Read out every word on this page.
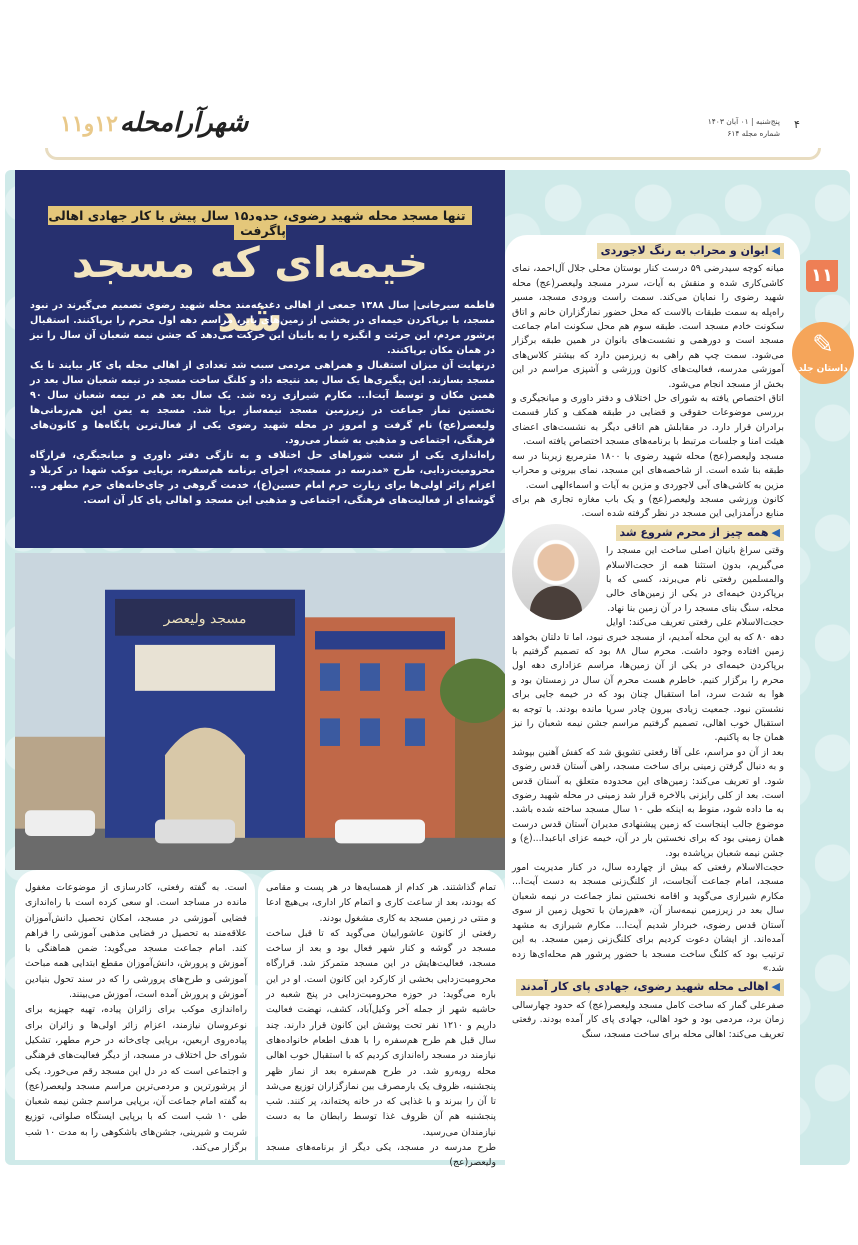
شهرآرامحله۱۲و۱۱	پنج‌شنبه | ۰۱ آبان ۱۴۰۳
شماره مجله ۶۱۴
۴
تنها مسجد محله شهید رضوی، حدود۱۵ سال پیش با کار جهادی اهالی پاگرفت
خیمه‌ای که مسجد شد

فاطمه سیرجانی| سال ۱۳۸۸ جمعی از اهالی دغدغه‌مند محله شهید رضوی تصمیم می‌گیرند در نبود مسجد، با برپاکردن خیمه‌ای در بخشی از زمین‌های بایر، مراسم دهه اول محرم را برپاکنند. استقبال پرشور مردم، این جرئت و انگیزه را به بانیان این حرکت می‌دهد که جشن نیمه شعبان آن سال را نیز در همان مکان برپاکنند.

درنهایت آن میزان استقبال و همراهی مردمی سبب شد تعدادی از اهالی محله پای کار بیایند تا یک مسجد بسازند. این پیگیری‌ها یک سال بعد نتیجه داد و کلنگ ساخت مسجد در نیمه شعبان سال بعد در همین مکان و توسط آیت‌ا... مکارم شیرازی زده شد. یک سال بعد هم در نیمه شعبان سال ۹۰ نخستین نماز جماعت در زیرزمین مسجد نیمه‌ساز برپا شد. مسجد به یمن این هم‌زمانی‌ها ولیعصر(عج) نام گرفت و امروز در محله شهید رضوی یکی از فعال‌ترین پایگاه‌ها و کانون‌های فرهنگی، اجتماعی و مذهبی به شمار می‌رود.

راه‌اندازی یکی از شعب شوراهای حل اختلاف و به تازگی دفتر داوری و میانجیگری، قرارگاه محرومیت‌زدایی، طرح «مدرسه در مسجد»، اجرای برنامه هم‌سفره، برپایی موکب شهدا در کربلا و اعزام زائر اولی‌ها برای زیارت حرم امام حسین(ع)، خدمت گروهی در چای‌خانه‌های حرم مطهر و... گوشه‌ای از فعالیت‌های فرهنگی، اجتماعی و مذهبی این مسجد و اهالی پای کار آن است.

◀ایوان و محراب به رنگ لاجوردی

میانه کوچه سیدرضی ۵۹ درست کنار بوستان محلی جلال آل‌احمد، نمای کاشی‌کاری شده و منقش به آیات، سردر مسجد ولیعصر(عج) محله شهید رضوی را نمایان می‌کند. سمت راست ورودی مسجد، مسیر راه‌پله به سمت طبقات بالاست که محل حضور نمازگزاران خانم و اتاق سکونت خادم مسجد است. طبقه سوم هم محل سکونت امام جماعت مسجد است و دورهمی و نشست‌های بانوان در همین طبقه برگزار می‌شود. سمت چپ هم راهی به زیرزمین دارد که بیشتر کلاس‌های آموزشی مدرسه، فعالیت‌های کانون ورزشی و آشپزی مراسم در این بخش از مسجد انجام می‌شود.

اتاق اختصاص یافته به شورای حل اختلاف و دفتر داوری و میانجیگری و بررسی موضوعات حقوقی و قضایی در طبقه همکف و کنار قسمت برادران قرار دارد. در مقابلش هم اتاقی دیگر به نشست‌های اعضای هیئت امنا و جلسات مرتبط با برنامه‌های مسجد اختصاص یافته است.

مسجد ولیعصر(عج) محله شهید رضوی با ۱۸۰۰ مترمربع زیربنا در سه طبقه بنا شده است. از شاخصه‌های این مسجد، نمای بیرونی و محراب مزین به کاشی‌های آبی لاجوردی و مزین به آیات و اسماءالهی است.

کانون ورزشی مسجد ولیعصر(عج) و یک باب مغازه تجاری هم برای منابع درآمدزایی این مسجد در نظر گرفته شده است.

◀همه چیز از محرم شروع شد

وقتی سراغ بانیان اصلی ساخت این مسجد را می‌گیریم، بدون استثنا همه از حجت‌الاسلام والمسلمین رفعتی نام می‌برند، کسی که با برپاکردن خیمه‌ای در یکی از زمین‌های خالی محله، سنگ بنای مسجد را در آن زمین بنا نهاد.

حجت‌الاسلام علی رفعتی تعریف می‌کند: اوایل دهه ۸۰ که به این محله آمدیم، از مسجد خبری نبود، اما تا دلتان بخواهد زمین افتاده وجود داشت. محرم سال ۸۸ بود که تصمیم گرفتیم با برپاکردن خیمه‌ای در یکی از آن زمین‌ها، مراسم عزاداری دهه اول محرم را برگزار کنیم. خاطرم هست محرم آن سال در زمستان بود و هوا به شدت سرد، اما استقبال چنان بود که در خیمه جایی برای نشستن نبود. جمعیت زیادی بیرون چادر سرپا مانده بودند. با توجه به استقبال خوب اهالی، تصمیم گرفتیم مراسم جشن نیمه شعبان را نیز همان جا به پاکنیم.

بعد از آن دو مراسم، علی آقا رفعتی تشویق شد که کفش آهنین بپوشد و به دنبال گرفتن زمینی برای ساخت مسجد، راهی آستان قدس رضوی شود. او تعریف می‌کند: زمین‌های این محدوده متعلق به آستان قدس است. بعد از کلی رایزنی بالاخره قرار شد زمینی در محله شهید رضوی به ما داده شود، منوط به اینکه طی ۱۰ سال مسجد ساخته شده باشد. موضوع جالب اینجاست که زمین پیشنهادی مدیران آستان قدس درست همان زمینی بود که برای نخستین بار در آن، خیمه عزای اباعبدا...(ع) و جشن نیمه شعبان برپاشده بود.

حجت‌الاسلام رفعتی که بیش از چهارده سال، در کنار مدیریت امور مسجد، امام جماعت آنجاست، از کلنگ‌زنی مسجد به دست آیت‌ا... مکارم شیرازی می‌گوید و اقامه نخستین نماز جماعت در نیمه شعبان سال بعد در زیرزمین نیمه‌ساز آن، «هم‌زمان با تحویل زمین از سوی آستان قدس رضوی، خبردار شدیم آیت‌ا... مکارم شیرازی به مشهد آمده‌اند. از ایشان دعوت کردیم برای کلنگ‌زنی زمین مسجد. به این ترتیب بود که کلنگ ساخت مسجد با حضور پرشور هم محله‌ای‌ها زده شد.»

◀اهالی محله شهید رضوی، جهادی پای کار آمدند

صفرعلی گمار که ساخت کامل مسجد ولیعصر(عج) که حدود چهارسالی زمان برد، مردمی بود و خود اهالی، جهادی پای کار آمده بودند. رفعتی تعریف می‌کند: اهالی محله برای ساخت مسجد، سنگ

۱۱
✎
داستان جلد
مسجد ولیعصر

است. به گفته رفعتی، کادرسازی از موضوعات مغفول مانده در مساجد است. او سعی کرده است با راه‌اندازی فضایی آموزشی در مسجد، امکان تحصیل دانش‌آموزان علاقه‌مند به تحصیل در فضایی مذهبی آموزشی را فراهم کند. امام جماعت مسجد می‌گوید: ضمن هماهنگی با آموزش و پرورش، دانش‌آموزان مقطع ابتدایی همه مباحث آموزشی و طرح‌های پرورشی را که در سند تحول بنیادین آموزش و پرورش آمده است، آموزش می‌بینند.

راه‌اندازی موکب برای زائران پیاده، تهیه جهیزیه برای نوعروسان نیازمند، اعزام زائر اولی‌ها و زائران برای پیاده‌روی اربعین، برپایی چای‌خانه در حرم مطهر، تشکیل شورای حل اختلاف در مسجد، از دیگر فعالیت‌های فرهنگی و اجتماعی است که در دل این مسجد رقم می‌خورد. یکی از پرشورترین و مردمی‌ترین مراسم مسجد ولیعصر(عج) به گفته امام جماعت آن، برپایی مراسم جشن نیمه شعبان طی ۱۰ شب است که با برپایی ایستگاه صلواتی، توزیع شربت و شیرینی، جشن‌های باشکوهی را به مدت ۱۰ شب برگزار می‌کند.

تمام گذاشتند. هر کدام از همسایه‌ها در هر پست و مقامی که بودند، بعد از ساعت کاری و اتمام کار اداری، بی‌هیچ ادعا و منتی در زمین مسجد به کاری مشغول بودند.

رفعتی از کانون عاشوراییان می‌گوید که تا قبل ساخت مسجد در گوشه و کنار شهر فعال بود و بعد از ساخت مسجد، فعالیت‌هایش در این مسجد متمرکز شد. قرارگاه محرومیت‌زدایی بخشی از کارکرد این کانون است. او در این باره می‌گوید: در حوزه محرومیت‌زدایی در پنج شعبه در حاشیه شهر از جمله آخر وکیل‌آباد، کشف، نهضت فعالیت داریم و ۱۲۱۰ نفر تحت پوشش این کانون قرار دارند. چند سال قبل هم طرح هم‌سفره را با هدف اطعام خانواده‌های نیازمند در مسجد راه‌اندازی کردیم که با استقبال خوب اهالی محله روبه‌رو شد. در طرح هم‌سفره بعد از نماز ظهر پنجشنبه، ظروف یک بارمصرف بین نمازگزاران توزیع می‌شد تا آن را ببرند و با غذایی که در خانه پخته‌اند، پر کنند. شب پنجشنبه هم آن ظروف غذا توسط رابطان ما به دست نیازمندان می‌رسید.

طرح مدرسه در مسجد، یکی دیگر از برنامه‌های مسجد ولیعصر(عج)
